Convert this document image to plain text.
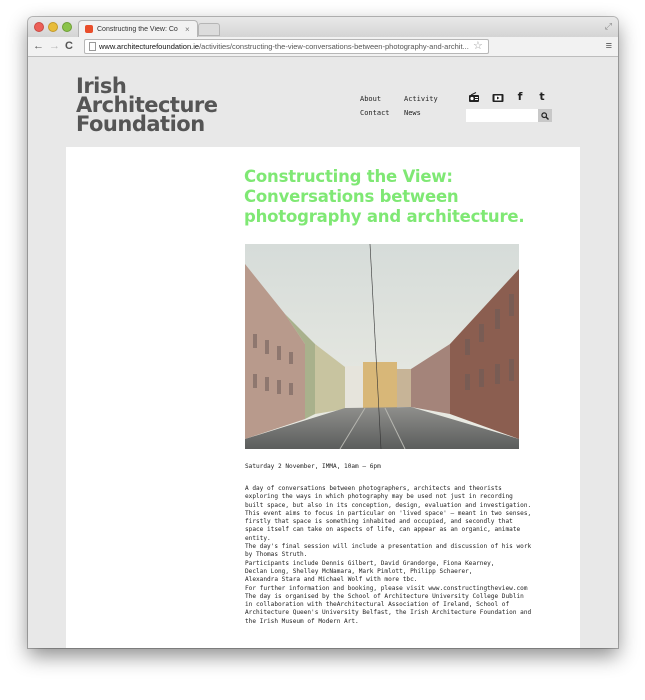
Constructing the View: Co ×	⤢
← → C	www.architecturefoundation.ie/activities/constructing-the-view-conversations-between-photography-and-archit... ☆	≡
Irish
Architecture
Foundation
About	Activity
Contact News
f	t
Constructing the View:
Conversations between
photography and architecture.
Saturday 2 November, IMMA, 10am – 6pm

A day of conversations between photographers, architects and theorists

exploring the ways in which photography may be used not just in recording

built space, but also in its conception, design, evaluation and investigation.

This event aims to focus in particular on 'lived space' – meant in two senses,

firstly that space is something inhabited and occupied, and secondly that

space itself can take on aspects of life, can appear as an organic, animate

entity.

The day's final session will include a presentation and discussion of his work

by Thomas Struth.

Participants include Dennis Gilbert, David Grandorge, Fiona Kearney,

Declan Long, Shelley McNamara, Mark Pimlott, Philipp Schaerer,

Alexandra Stara and Michael Wolf with more tbc.

For further information and booking, please visit www.constructingtheview.com

The day is organised by the School of Architecture University College Dublin

in collaboration with theArchitectural Association of Ireland, School of

Architecture Queen's University Belfast, the Irish Architecture Foundation and

the Irish Museum of Modern Art.
